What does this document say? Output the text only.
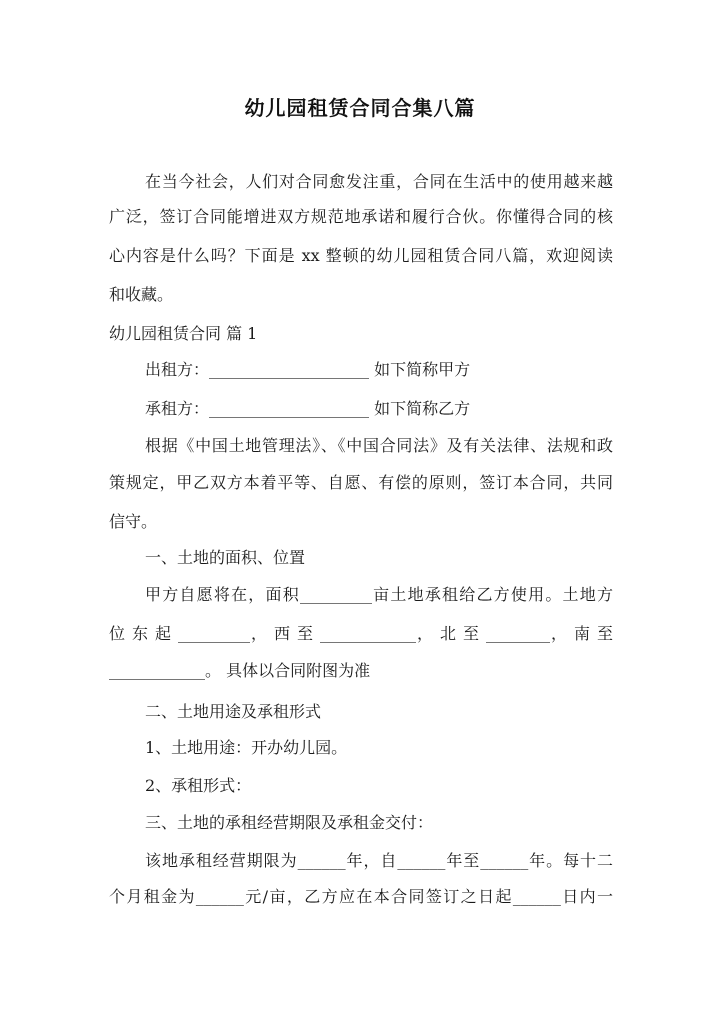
幼儿园租赁合同合集八篇
在当今社会，人们对合同愈发注重，合同在生活中的使用越来越
广泛，签订合同能增进双方规范地承诺和履行合伙。你懂得合同的核
心内容是什么吗？下面是 xx 整顿的幼儿园租赁合同八篇，欢迎阅读
和收藏。
幼儿园租赁合同 篇 1
出租方：____________________ 如下简称甲方
承租方：____________________ 如下简称乙方
根据《中国土地管理法》、《中国合同法》及有关法律、法规和政
策规定，甲乙双方本着平等、自愿、有偿的原则，签订本合同，共同
信守。
一、土地的面积、位置
甲方自愿将在，面积_________亩土地承租给乙方使用。土地方
位 东 起 _________， 西 至 ____________， 北 至 ________， 南 至
____________。 具体以合同附图为准
二、土地用途及承租形式
1、土地用途：开办幼儿园。
2、承租形式：
三、土地的承租经营期限及承租金交付：
该地承租经营期限为______年，自______年至______年。每十二
个月租金为______元/亩，乙方应在本合同签订之日起______日内一
